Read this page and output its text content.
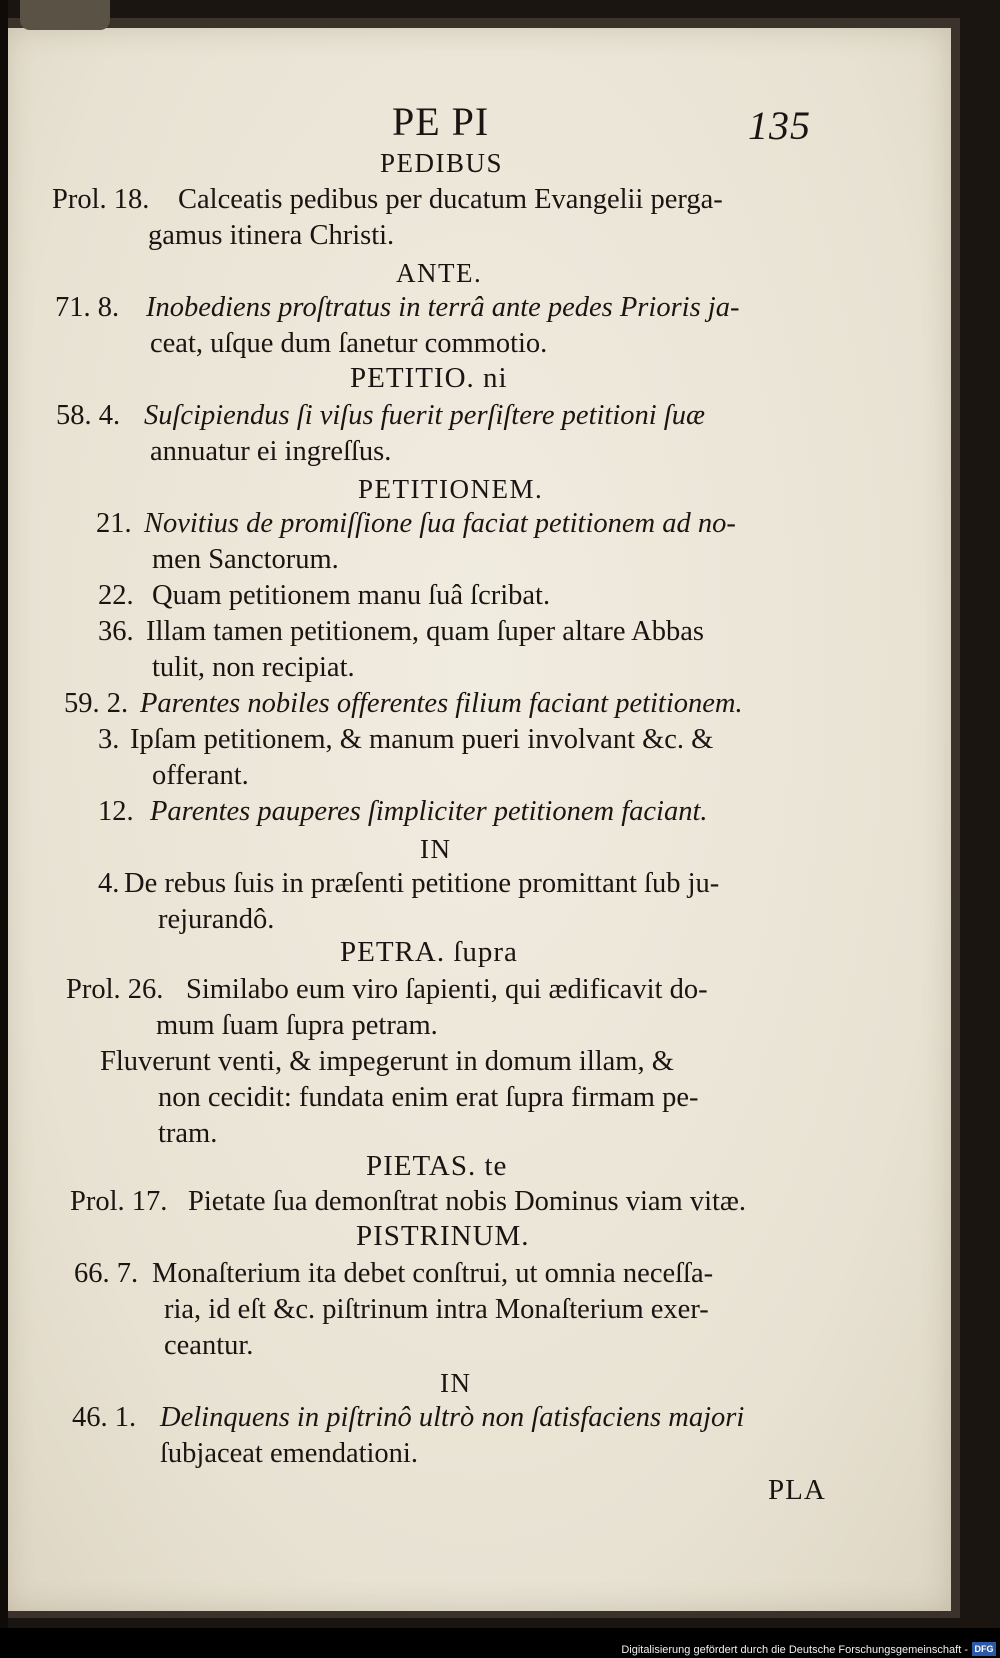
PE PI	135
PEDIBUS
Prol. 18. Calceatis pedibus per ducatum Evangelii perga-
gamus itinera Christi.
ANTE.
71. 8. Inobediens proſtratus in terrâ ante pedes Prioris ja-
ceat, uſque dum ſanetur commotio.
PETITIO. ni
58. 4. Suſcipiendus ſi viſus fuerit perſiſtere petitioni ſuæ
annuatur ei ingreſſus.
PETITIONEM.
21. Novitius de promiſſione ſua faciat petitionem ad no-
men Sanctorum.
22. Quam petitionem manu ſuâ ſcribat.
36. Illam tamen petitionem, quam ſuper altare Abbas
tulit, non recipiat.
59. 2. Parentes nobiles offerentes filium faciant petitionem.
3. Ipſam petitionem, & manum pueri involvant &c. &
offerant.
12. Parentes pauperes ſimpliciter petitionem faciant.
IN
4. De rebus ſuis in præſenti petitione promittant ſub ju-
rejurandô.
PETRA. ſupra
Prol. 26. Similabo eum viro ſapienti, qui ædificavit do-
mum ſuam ſupra petram.
Fluverunt venti, & impegerunt in domum illam, &
non cecidit: fundata enim erat ſupra firmam pe-
tram.
PIETAS. te
Prol. 17. Pietate ſua demonſtrat nobis Dominus viam vitæ.
PISTRINUM.
66. 7. Monaſterium ita debet conſtrui, ut omnia neceſſa-
ria, id eſt &c. piſtrinum intra Monaſterium exer-
ceantur.
IN
46. 1. Delinquens in piſtrinô ultrò non ſatisfaciens majori
ſubjaceat emendationi.
PLA
Digitalisierung gefördert durch die Deutsche Forschungsgemeinschaft - DFG
